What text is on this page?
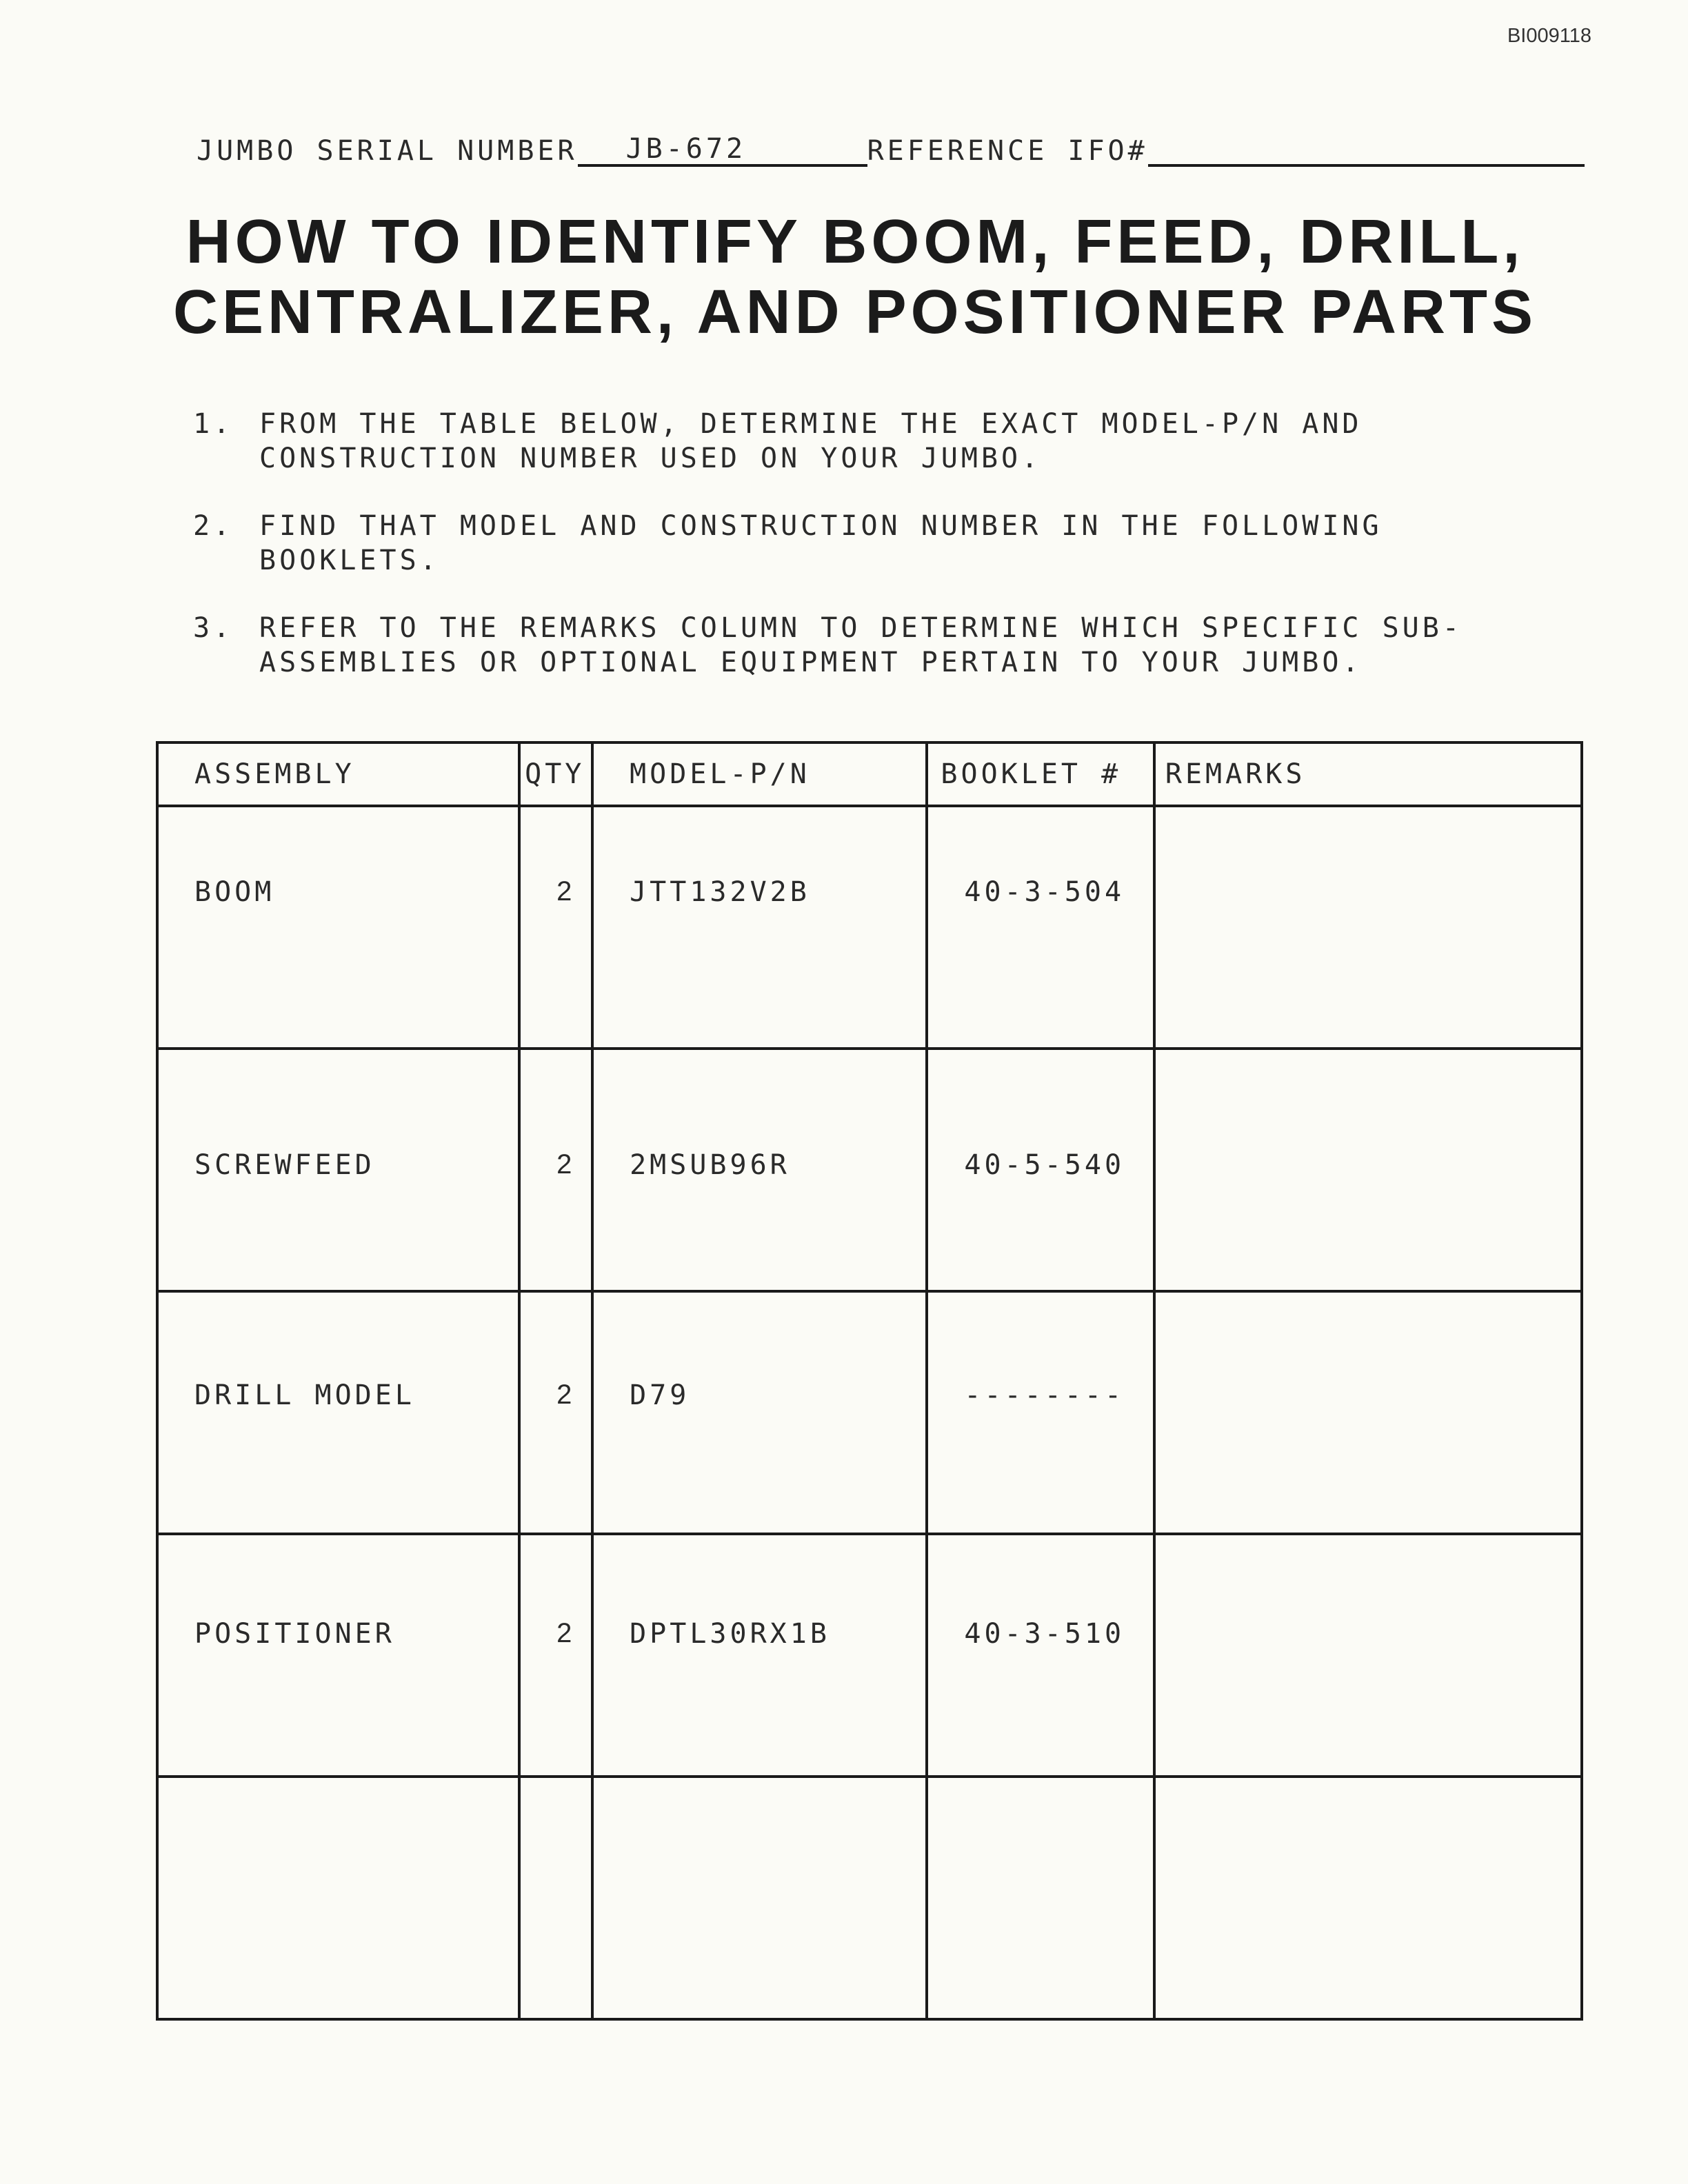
BI009118
JUMBO SERIAL NUMBER	JB-672	REFERENCE IFO#
HOW TO IDENTIFY BOOM, FEED, DRILL,
CENTRALIZER, AND POSITIONER PARTS
1. FROM THE TABLE BELOW, DETERMINE THE EXACT MODEL-P/N AND CONSTRUCTION NUMBER USED ON YOUR JUMBO.
2. FIND THAT MODEL AND CONSTRUCTION NUMBER IN THE FOLLOWING BOOKLETS.
3. REFER TO THE REMARKS COLUMN TO DETERMINE WHICH SPECIFIC SUB-ASSEMBLIES OR OPTIONAL EQUIPMENT PERTAIN TO YOUR JUMBO.
ASSEMBLY	QTY	MODEL-P/N	BOOKLET #	REMARKS

BOOM	2	JTT132V2B	40-3-504	

SCREWFEED	2	2MSUB96R	40-5-540	

DRILL MODEL	2	D79	--------	

POSITIONER	2	DPTL30RX1B	40-3-510	
